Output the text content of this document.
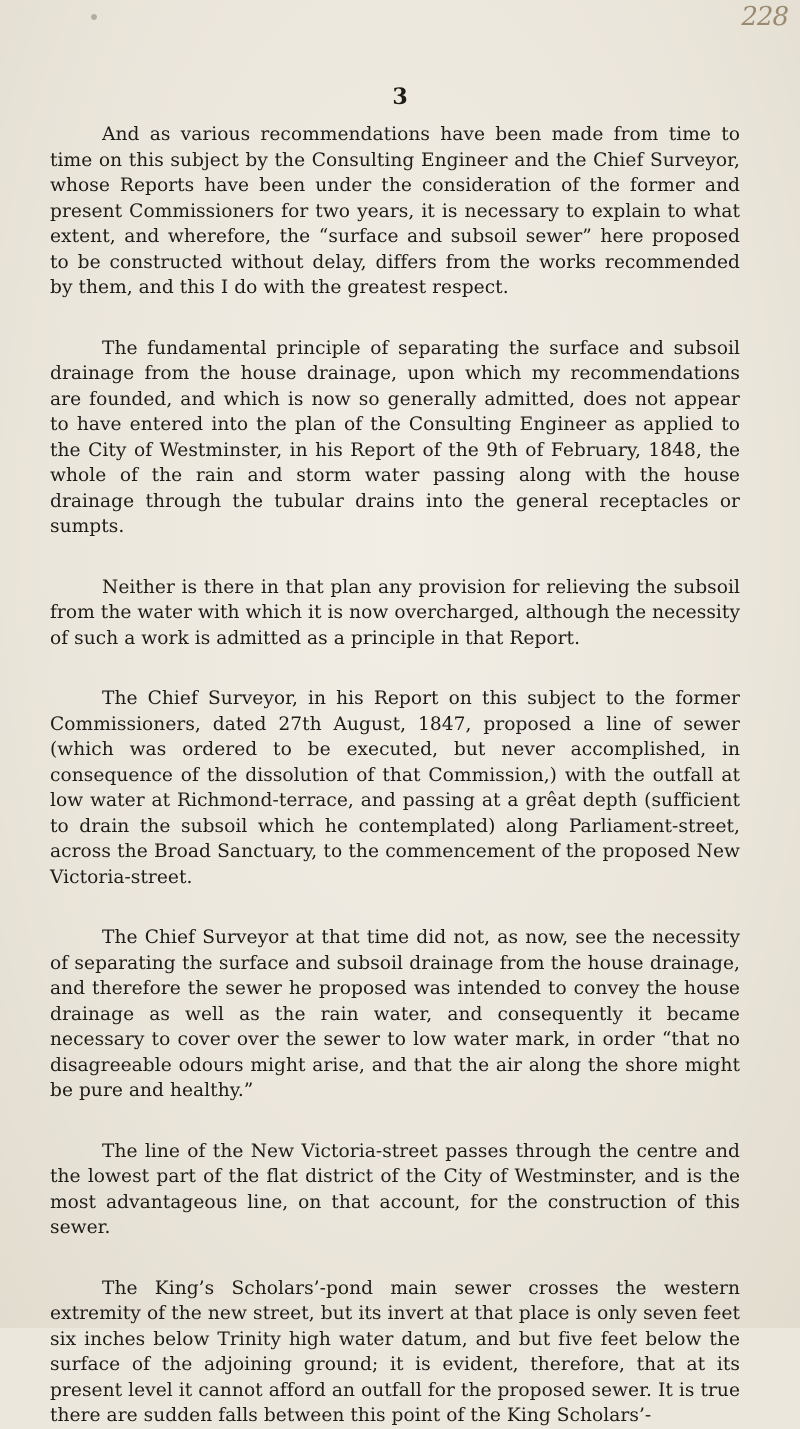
228
3

And as various recommendations have been made from time to time on this subject by the Consulting Engineer and the Chief Surveyor, whose Reports have been under the consideration of the former and present Commissioners for two years, it is necessary to explain to what extent, and wherefore, the “surface and subsoil sewer” here proposed to be constructed without delay, differs from the works recommended by them, and this I do with the greatest respect.

The fundamental principle of separating the surface and subsoil drainage from the house drainage, upon which my recommendations are founded, and which is now so generally admitted, does not appear to have entered into the plan of the Consulting Engineer as applied to the City of Westminster, in his Report of the 9th of February, 1848, the whole of the rain and storm water passing along with the house drainage through the tubular drains into the general receptacles or sumpts.

Neither is there in that plan any provision for relieving the subsoil from the water with which it is now overcharged, although the necessity of such a work is admitted as a principle in that Report.

The Chief Surveyor, in his Report on this subject to the former Commissioners, dated 27th August, 1847, proposed a line of sewer (which was ordered to be executed, but never accomplished, in consequence of the dissolution of that Commission,) with the outfall at low water at Richmond-terrace, and passing at a grêat depth (sufficient to drain the subsoil which he contemplated) along Parliament-street, across the Broad Sanctuary, to the commencement of the proposed New Victoria-street.

The Chief Surveyor at that time did not, as now, see the necessity of separating the surface and subsoil drainage from the house drainage, and therefore the sewer he proposed was intended to convey the house drainage as well as the rain water, and consequently it became necessary to cover over the sewer to low water mark, in order “that no disagreeable odours might arise, and that the air along the shore might be pure and healthy.”

The line of the New Victoria-street passes through the centre and the lowest part of the flat district of the City of Westminster, and is the most advantageous line, on that account, for the construction of this sewer.

The King’s Scholars’-pond main sewer crosses the western extremity of the new street, but its invert at that place is only seven feet six inches below Trinity high water datum, and but five feet below the surface of the adjoining ground; it is evident, therefore, that at its present level it cannot afford an outfall for the proposed sewer. It is true there are sudden falls between this point of the King Scholars’-
